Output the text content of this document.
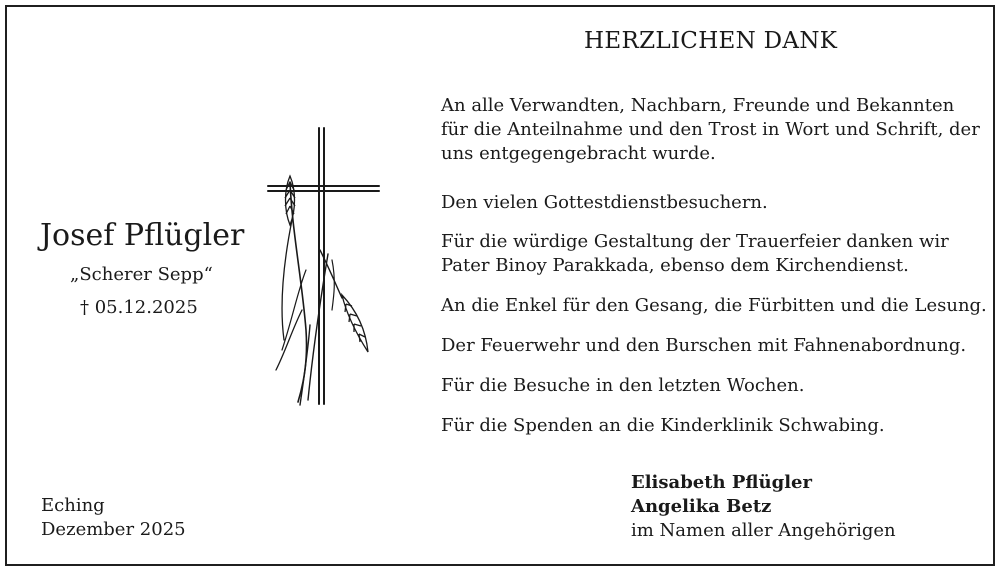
HERZLICHEN DANK
Josef Pflügler
„Scherer Sepp“
† 05.12.2025
An alle Verwandten, Nachbarn, Freunde und Bekannten
für die Anteilnahme und den Trost in Wort und Schrift, der
uns entgegengebracht wurde.
Den vielen Gottestdienstbesuchern.
Für die würdige Gestaltung der Trauerfeier danken wir
Pater Binoy Parakkada, ebenso dem Kirchendienst.
An die Enkel für den Gesang, die Fürbitten und die Lesung.
Der Feuerwehr und den Burschen mit Fahnenabordnung.
Für die Besuche in den letzten Wochen.
Für die Spenden an die Kinderklinik Schwabing.
Eching
Dezember 2025
Elisabeth Pflügler
Angelika Betz
im Namen aller Angehörigen
